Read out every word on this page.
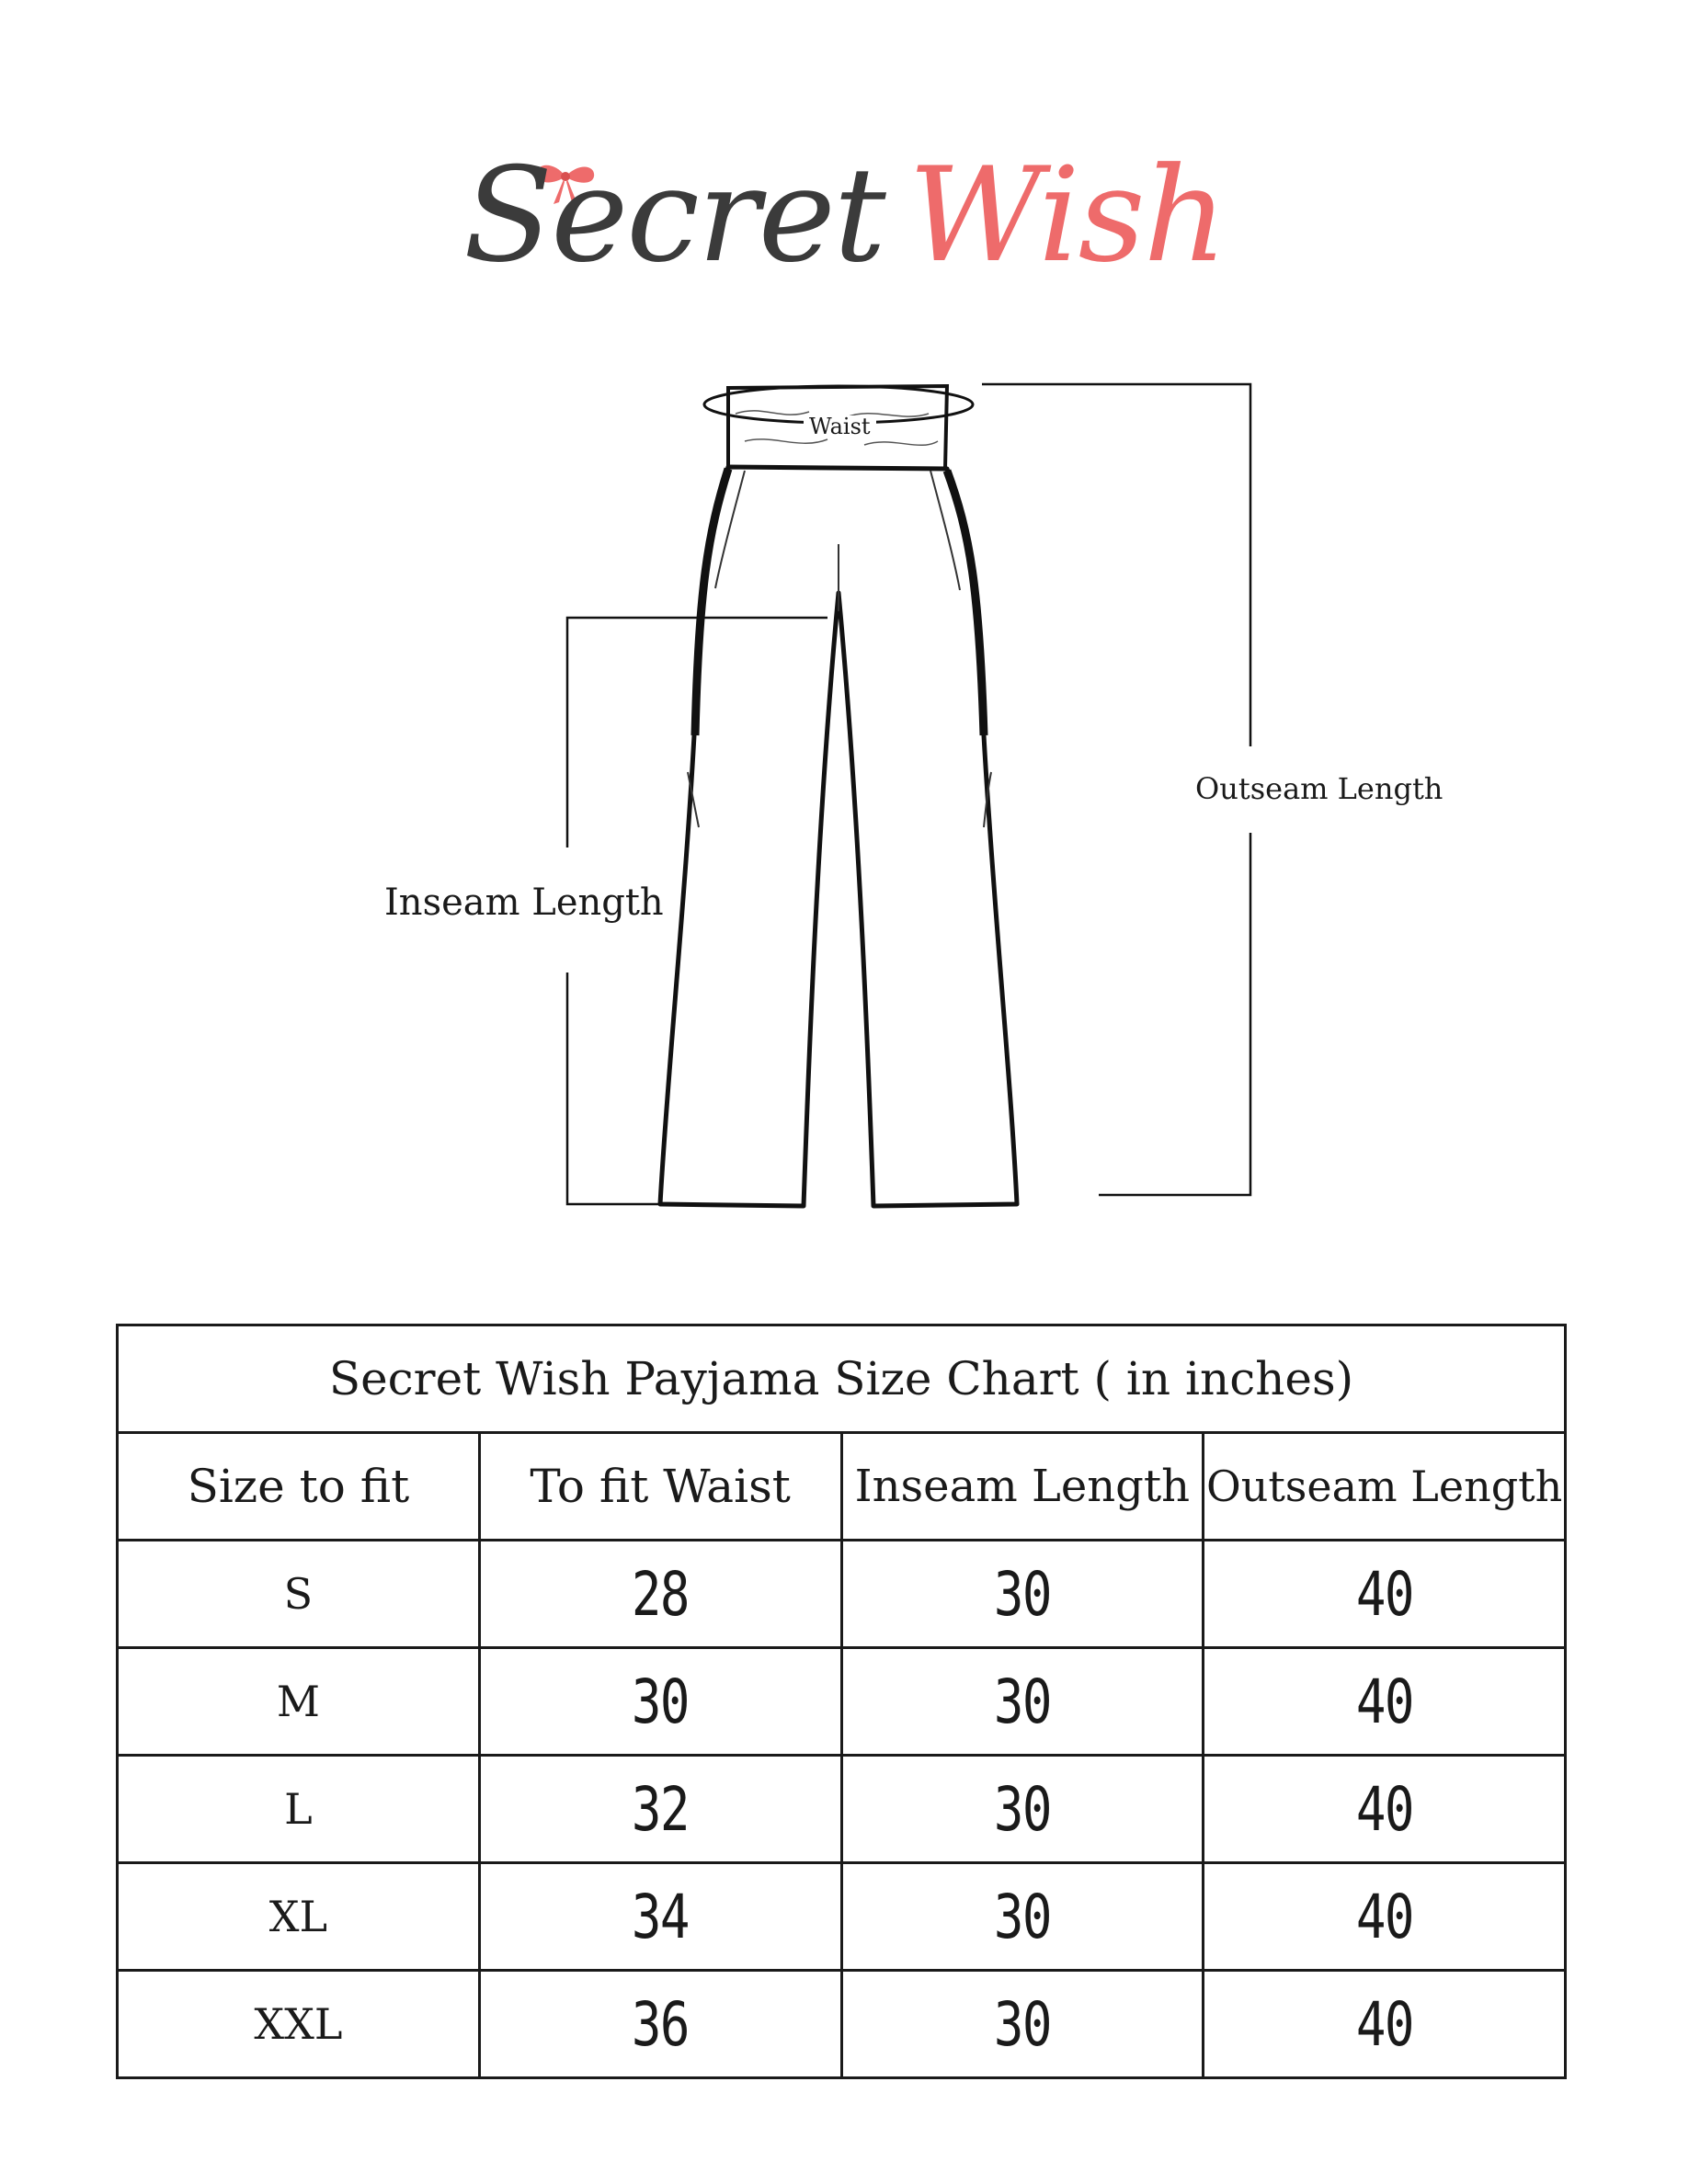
Secret Wish
Waist
Inseam Length
Outseam Length
Secret Wish Payjama Size Chart ( in inches)			
Size to fit	To fit Waist	Inseam Length	Outseam Length
S	28	30	40
M	30	30	40
L	32	30	40
XL	34	30	40
XXL	36	30	40
